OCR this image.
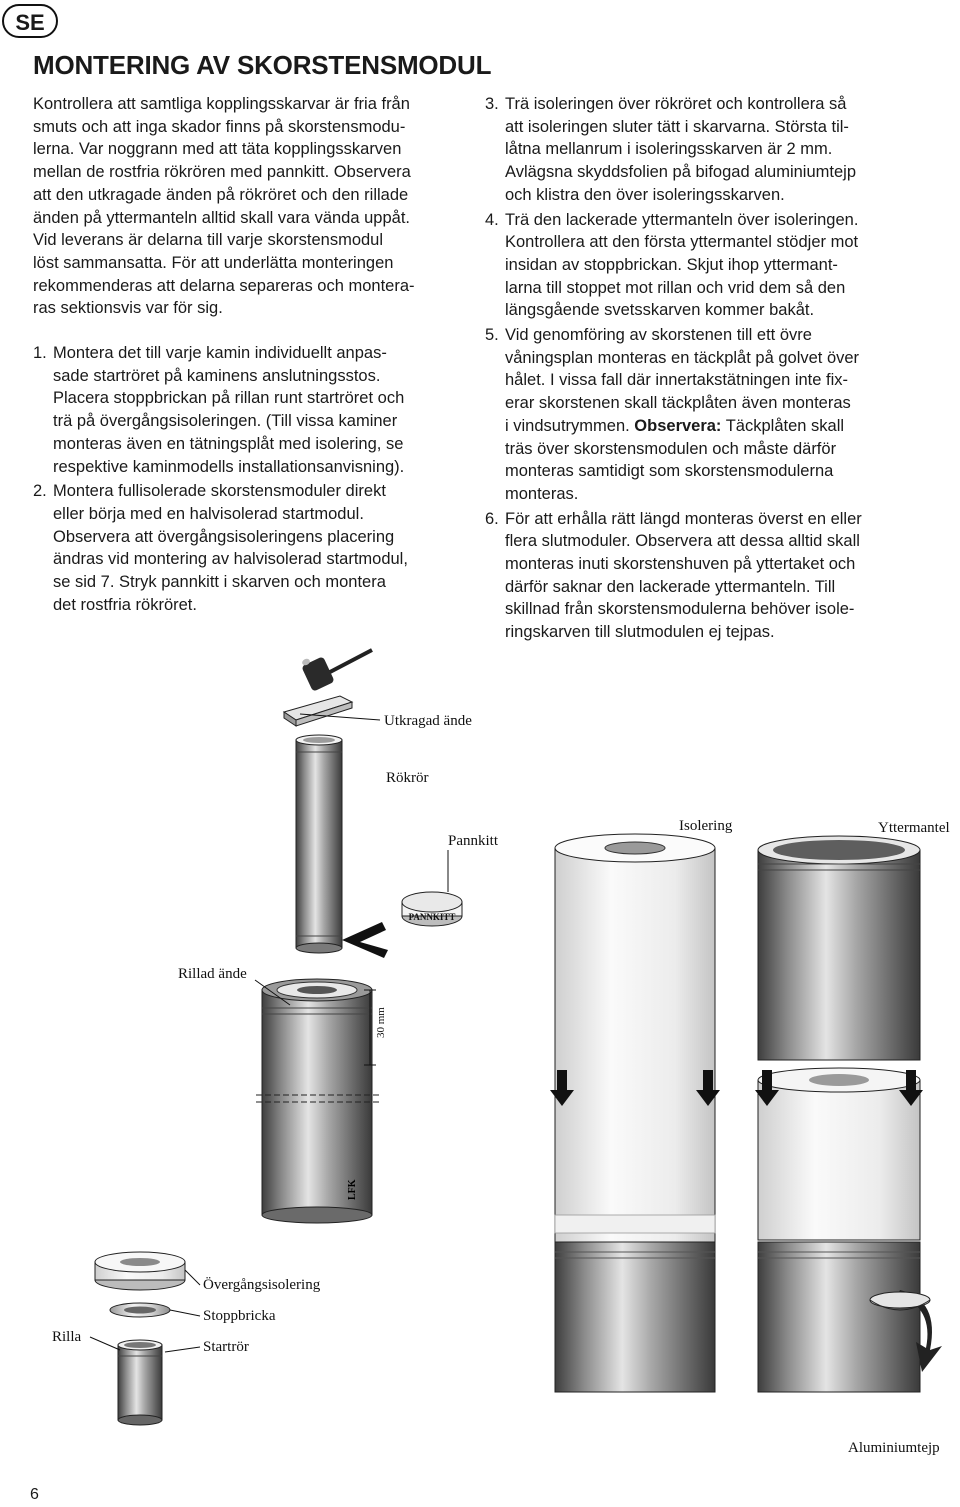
SE
MONTERING AV SKORSTENSMODUL
Kontrollera att samtliga kopplingsskarvar är fria från
smuts och att inga skador finns på skorstensmodu-
lerna. Var noggrann med att täta kopplingsskarven
mellan de rostfria rökrören med pannkitt. Observera
att den utkragade änden på rökröret och den rillade
änden på yttermanteln alltid skall vara vända uppåt.
Vid leverans är delarna till varje skorstensmodul
löst sammansatta. För att underlätta monteringen
rekommenderas att delarna separeras och montera-
ras sektionsvis var för sig.
1. Montera det till varje kamin individuellt anpas-
sade startröret på kaminens anslutningsstos.
Placera stoppbrickan på rillan runt startröret och
trä på övergångsisoleringen. (Till vissa kaminer
monteras även en tätningsplåt med isolering, se
respektive kaminmodells installationsanvisning).
2. Montera fullisolerade skorstensmoduler direkt
eller börja med en halvisolerad startmodul.
Observera att övergångsisoleringens placering
ändras vid montering av halvisolerad startmodul,
se sid 7. Stryk pannkitt i skarven och montera
det rostfria rökröret.
3. Trä isoleringen över rökröret och kontrollera så
att isoleringen sluter tätt i skarvarna. Största til-
låtna mellanrum i isoleringsskarven är 2 mm.
Avlägsna skyddsfolien på bifogad aluminiumtejp
och klistra den över isoleringsskarven.
4. Trä den lackerade yttermanteln över isoleringen.
Kontrollera att den första yttermantel stödjer mot
insidan av stoppbrickan. Skjut ihop yttermant-
larna till stoppet mot rillan och vrid dem så den
längsgående svetsskarven kommer bakåt.
5. Vid genomföring av skorstenen till ett övre
våningsplan monteras en täckplåt på golvet över
hålet. I vissa fall där innertakstätningen inte fix-
erar skorstenen skall täckplåten även monteras
i vindsutrymmen. Observera: Täckplåten skall
träs över skorstensmodulen och måste därför
monteras samtidigt som skorstensmodulerna
monteras.
6. För att erhålla rätt längd monteras överst en eller
flera slutmoduler. Observera att dessa alltid skall
monteras inuti skorstenshuven på yttertaket och
därför saknar den lackerade yttermanteln. Till
skillnad från skorstensmodulerna behöver isole-
ringskarven till slutmodulen ej tejpas.
PANNKITT
LFK
Utkragad ände
Rökrör
Pannkitt
Isolering	Yttermantel
Rillad ände
30 mm
Övergångsisolering
Stoppbricka
Rilla
Startrör
Aluminiumtejp
6
